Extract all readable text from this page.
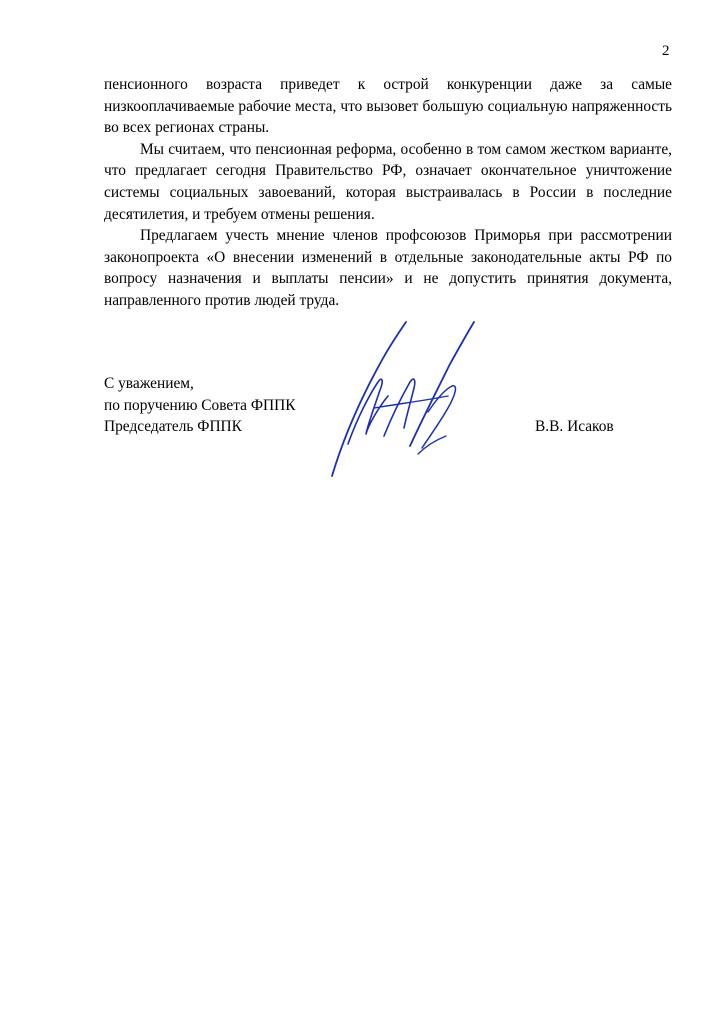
2

пенсионного возраста приведет к острой конкуренции даже за самые низкооплачиваемые рабочие места, что вызовет большую социальную напряженность во всех регионах страны.

Мы считаем, что пенсионная реформа, особенно в том самом жестком варианте, что предлагает сегодня Правительство РФ, означает окончательное уничтожение системы социальных завоеваний, которая выстраивалась в России в последние десятилетия, и требуем отмены решения.

Предлагаем учесть мнение членов профсоюзов Приморья при рассмотрении законопроекта «О внесении изменений в отдельные законодательные акты РФ по вопросу назначения и выплаты пенсии» и не допустить принятия документа, направленного против людей труда.

С уважением,
по поручению Совета ФППК
Председатель ФППК	В.В. Исаков
